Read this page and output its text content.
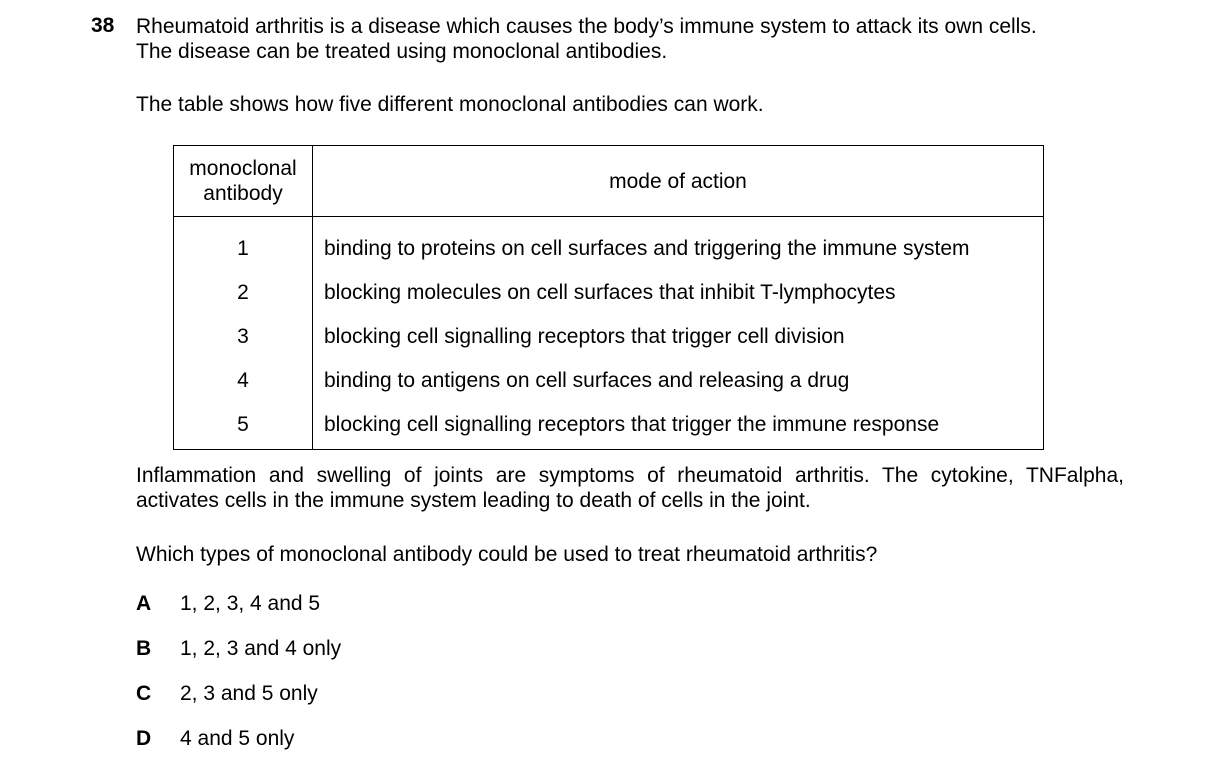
38 Rheumatoid arthritis is a disease which causes the body’s immune system to attack its own cells.
The disease can be treated using monoclonal antibodies.
The table shows how five different monoclonal antibodies can work.
monoclonal
antibody	mode of action
1	binding to proteins on cell surfaces and triggering the immune system
2	blocking molecules on cell surfaces that inhibit T-lymphocytes
3	blocking cell signalling receptors that trigger cell division
4	binding to antigens on cell surfaces and releasing a drug
5	blocking cell signalling receptors that trigger the immune response
Inflammation and swelling of joints are symptoms of rheumatoid arthritis. The cytokine, TNFalpha, activates cells in the immune system leading to death of cells in the joint.
Which types of monoclonal antibody could be used to treat rheumatoid arthritis?
A 1, 2, 3, 4 and 5
B 1, 2, 3 and 4 only
C 2, 3 and 5 only
D 4 and 5 only
